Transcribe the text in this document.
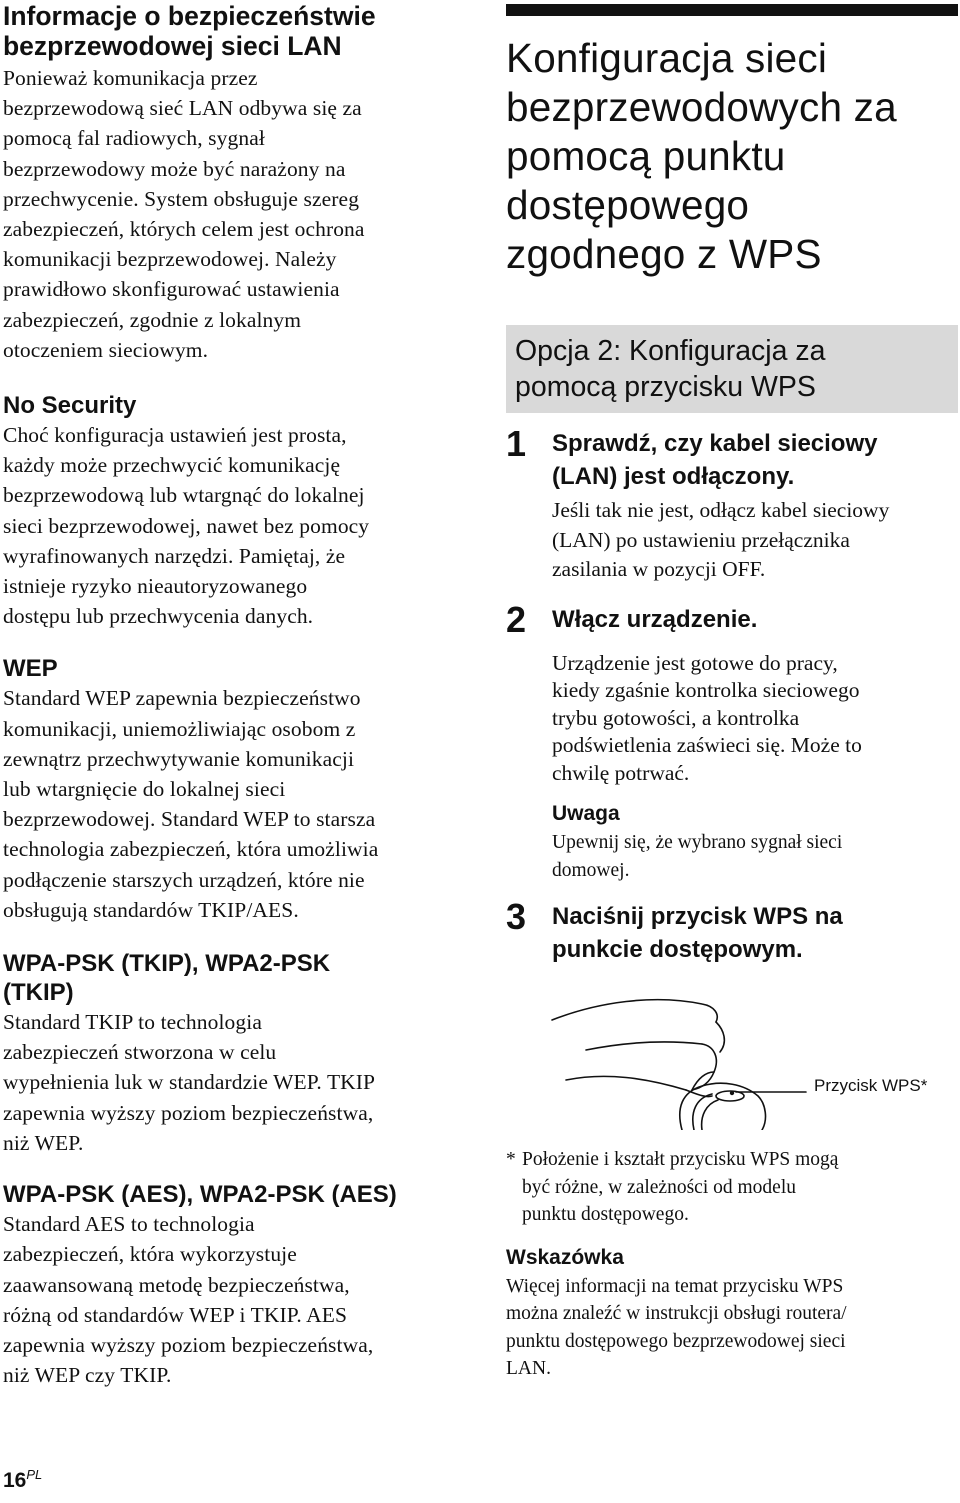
Informacje o bezpieczeństwie
bezprzewodowej sieci LAN
Ponieważ komunikacja przez
bezprzewodową sieć LAN odbywa się za
pomocą fal radiowych, sygnał
bezprzewodowy może być narażony na
przechwycenie. System obsługuje szereg
zabezpieczeń, których celem jest ochrona
komunikacji bezprzewodowej. Należy
prawidłowo skonfigurować ustawienia
zabezpieczeń, zgodnie z lokalnym
otoczeniem sieciowym.
No Security
Choć konfiguracja ustawień jest prosta,
każdy może przechwycić komunikację
bezprzewodową lub wtargnąć do lokalnej
sieci bezprzewodowej, nawet bez pomocy
wyrafinowanych narzędzi. Pamiętaj, że
istnieje ryzyko nieautoryzowanego
dostępu lub przechwycenia danych.
WEP
Standard WEP zapewnia bezpieczeństwo
komunikacji, uniemożliwiając osobom z
zewnątrz przechwytywanie komunikacji
lub wtargnięcie do lokalnej sieci
bezprzewodowej. Standard WEP to starsza
technologia zabezpieczeń, która umożliwia
podłączenie starszych urządzeń, które nie
obsługują standardów TKIP/AES.
WPA-PSK (TKIP), WPA2-PSK
(TKIP)
Standard TKIP to technologia
zabezpieczeń stworzona w celu
wypełnienia luk w standardzie WEP. TKIP
zapewnia wyższy poziom bezpieczeństwa,
niż WEP.
WPA-PSK (AES), WPA2-PSK (AES)
Standard AES to technologia
zabezpieczeń, która wykorzystuje
zaawansowaną metodę bezpieczeństwa,
różną od standardów WEP i TKIP. AES
zapewnia wyższy poziom bezpieczeństwa,
niż WEP czy TKIP.
Konfiguracja sieci
bezprzewodowych za
pomocą punktu
dostępowego
zgodnego z WPS
Opcja 2: Konfiguracja za
pomocą przycisku WPS
1 Sprawdź, czy kabel sieciowy
(LAN) jest odłączony.
Jeśli tak nie jest, odłącz kabel sieciowy
(LAN) po ustawieniu przełącznika
zasilania w pozycji OFF.
2 Włącz urządzenie.
Urządzenie jest gotowe do pracy,
kiedy zgaśnie kontrolka sieciowego
trybu gotowości, a kontrolka
podświetlenia zaświeci się. Może to
chwilę potrwać.
Uwaga
Upewnij się, że wybrano sygnał sieci
domowej.
3 Naciśnij przycisk WPS na
punkcie dostępowym.
Przycisk WPS*
* Położenie i kształt przycisku WPS mogą
być różne, w zależności od modelu
punktu dostępowego.
Wskazówka
Więcej informacji na temat przycisku WPS
można znaleźć w instrukcji obsługi routera/
punktu dostępowego bezprzewodowej sieci
LAN.
$16^{PL}$
